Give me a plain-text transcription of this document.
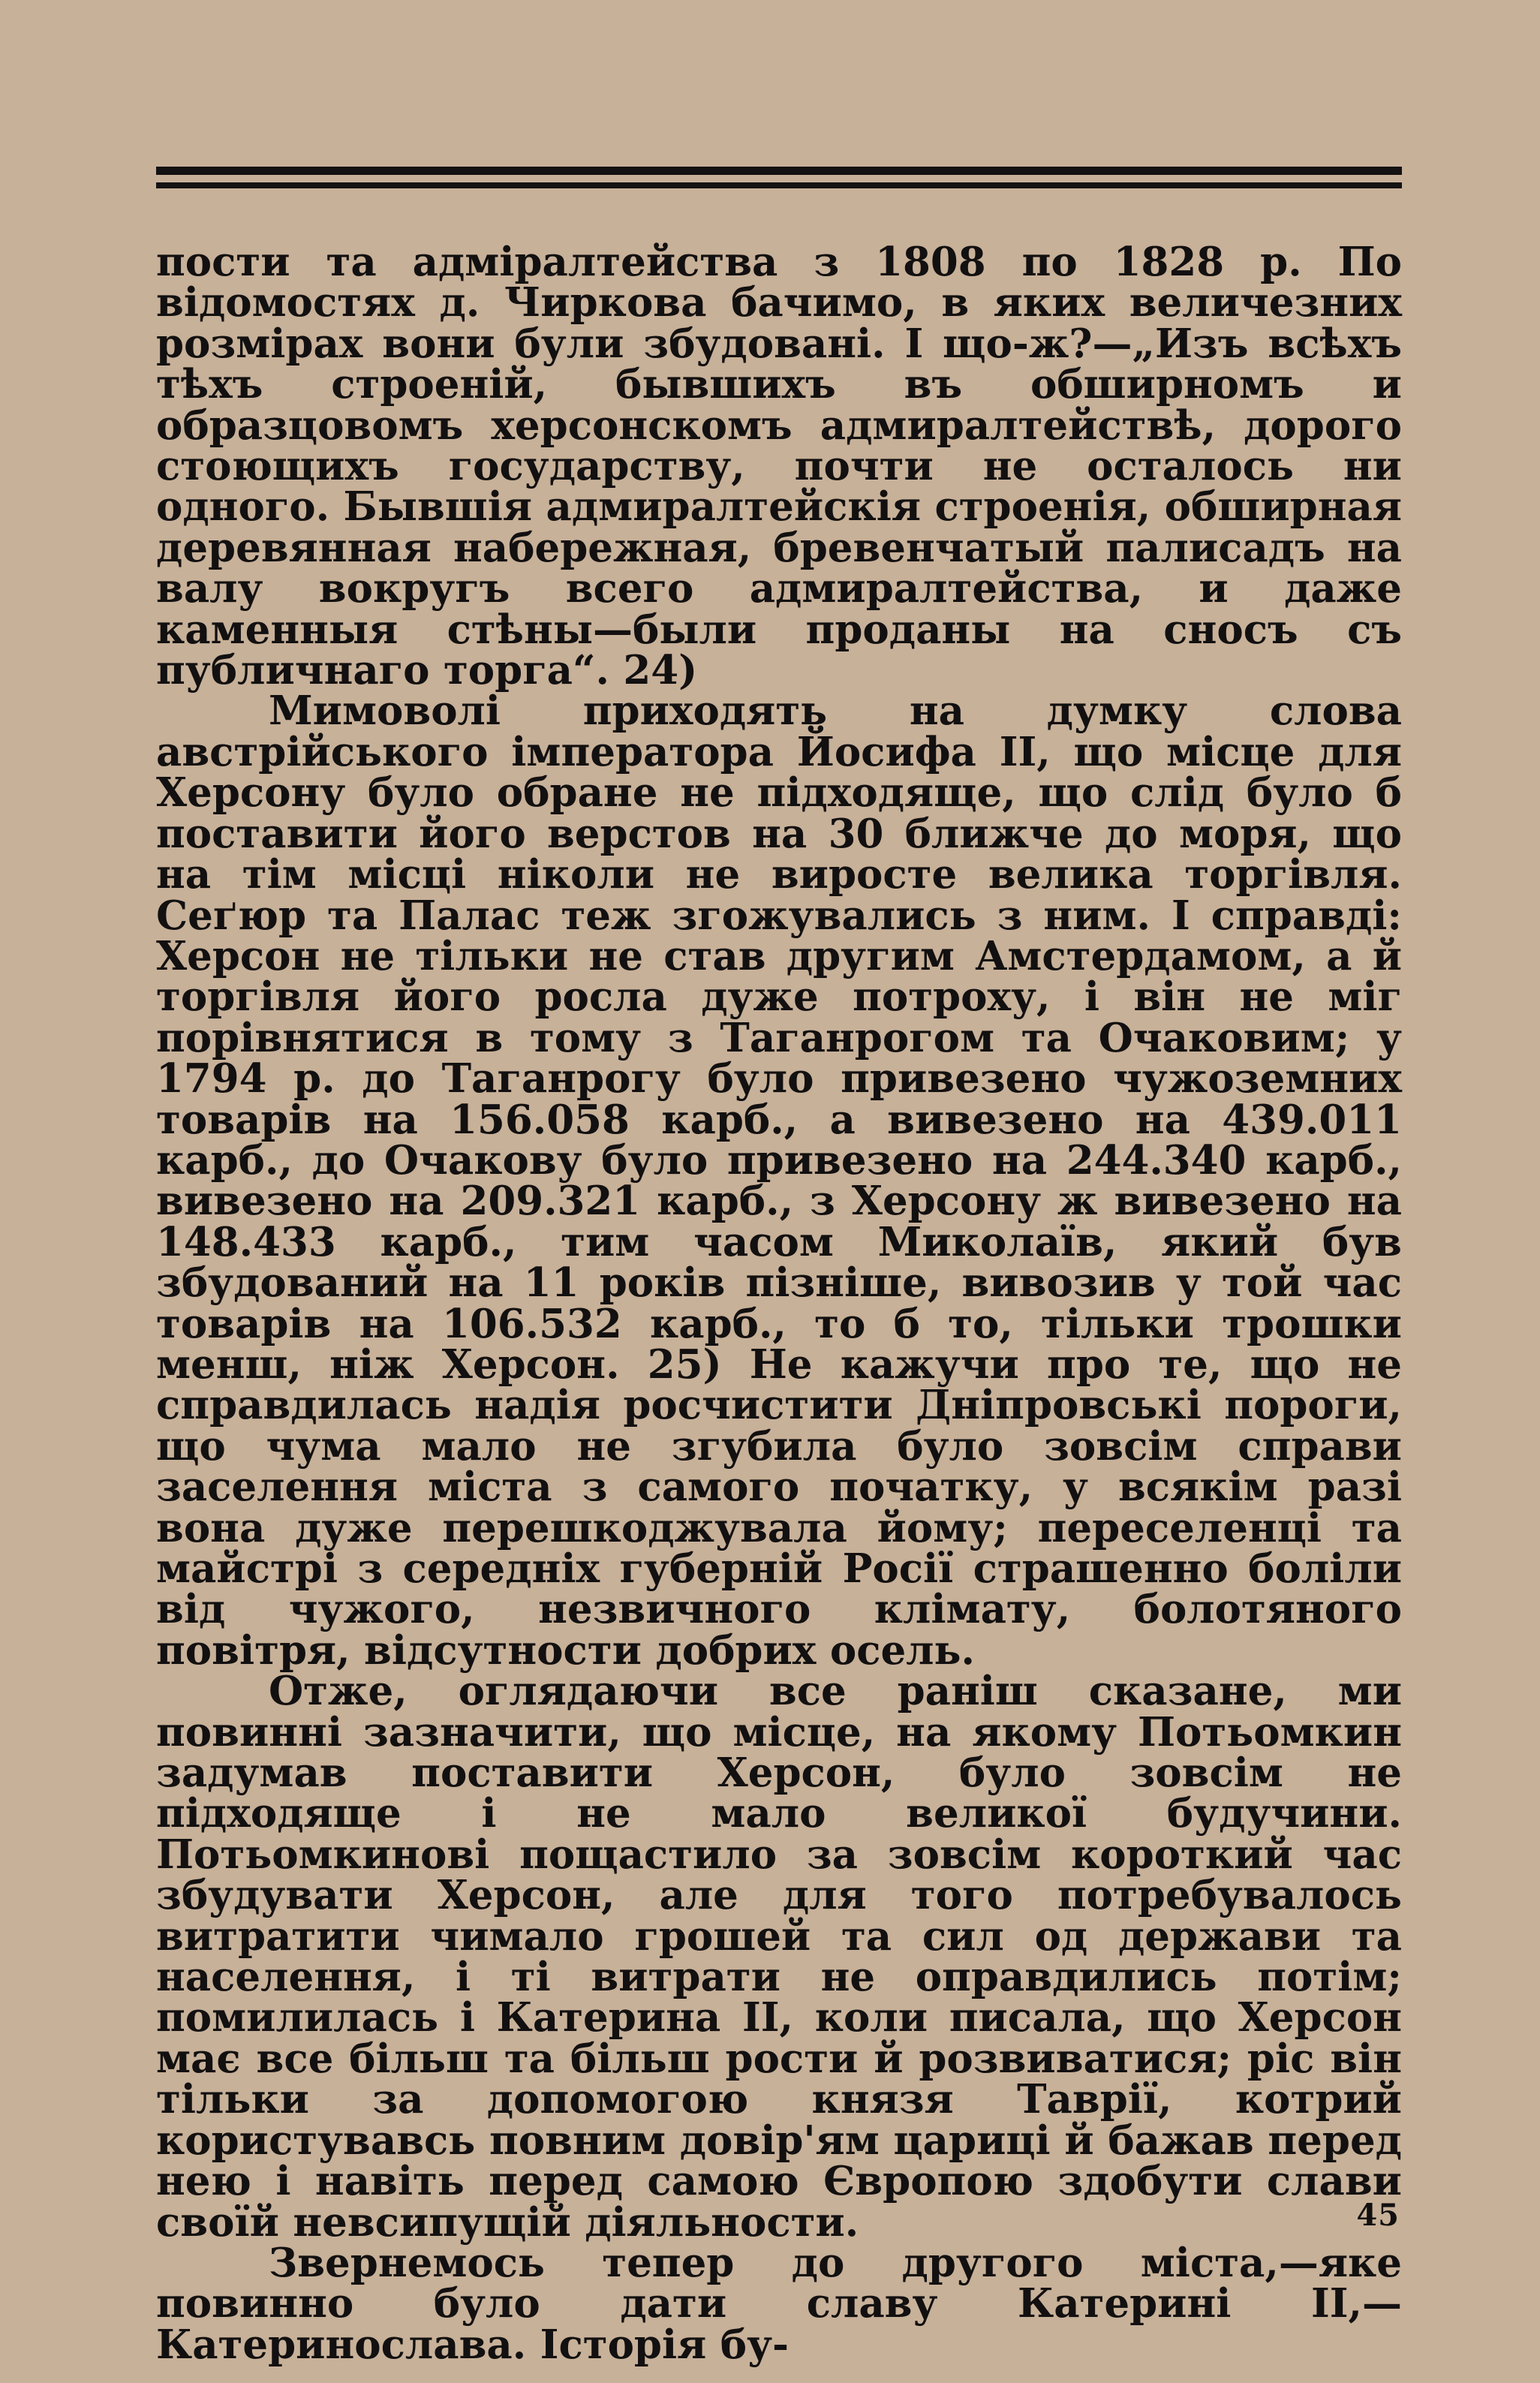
пости та адміралтейства з 1808 по 1828 р. По відомостях д. Чиркова бачимо, в яких величезних розмірах вони були збудовані. І що-ж?—„Изъ всѣхъ тѣхъ строеній, бывшихъ въ обширномъ и образцовомъ херсонскомъ адмиралтействѣ, дорого стоющихъ государству, почти не осталось ни одного. Бывшія адмиралтейскія строенія, обширная деревянная набережная, бревенчатый палисадъ на валу вокругъ всего адмиралтейства, и даже каменныя стѣны—были проданы на сносъ съ публичнаго торга“. 24)

Мимоволі приходять на думку слова австрійського імператора Йосифа ІІ, що місце для Херсону було обране не підходяще, що слід було б поставити його верстов на 30 ближче до моря, що на тім місці ніколи не виросте велика торгівля. Сеґюр та Палас теж згожувались з ним. І справді: Херсон не тільки не став другим Амстердамом, а й торгівля його росла дуже потроху, і він не міг порівнятися в тому з Таганрогом та Очаковим; у 1794 р. до Таганрогу було привезено чужоземних товарів на 156.058 карб., а вивезено на 439.011 карб., до Очакову було привезено на 244.340 карб., вивезено на 209.321 карб., з Херсону ж вивезено на 148.433 карб., тим часом Миколаїв, який був збудований на 11 років пізніше, вивозив у той час товарів на 106.532 карб., то б то, тільки трошки менш, ніж Херсон. 25) Не кажучи про те, що не справдилась надія росчистити Дніпровські пороги, що чума мало не згубила було зовсім справи заселення міста з самого початку, у всякім разі вона дуже перешкоджувала йому; переселенці та майстрі з середніх губерній Росії страшенно боліли від чужого, незвичного клімату, болотяного повітря, відсутности добрих осель.

Отже, оглядаючи все раніш сказане, ми повинні зазначити, що місце, на якому Потьомкин задумав поставити Херсон, було зовсім не підходяще і не мало великої будучини. Потьомкинові пощастило за зовсім короткий час збудувати Херсон, але для того потребувалось витратити чимало грошей та сил од держави та населення, і ті витрати не оправдились потім; помилилась і Катерина ІІ, коли писала, що Херсон має все більш та більш рости й розвиватися; ріс він тільки за допомогою князя Таврії, котрий користувавсь повним довір'ям цариці й бажав перед нею і навіть перед самою Європою здобути слави своїй невсипущій діяльности.

Звернемось тепер до другого міста,—яке повинно було дати славу Катерині ІІ,—Катеринослава. Історія бу-

45
